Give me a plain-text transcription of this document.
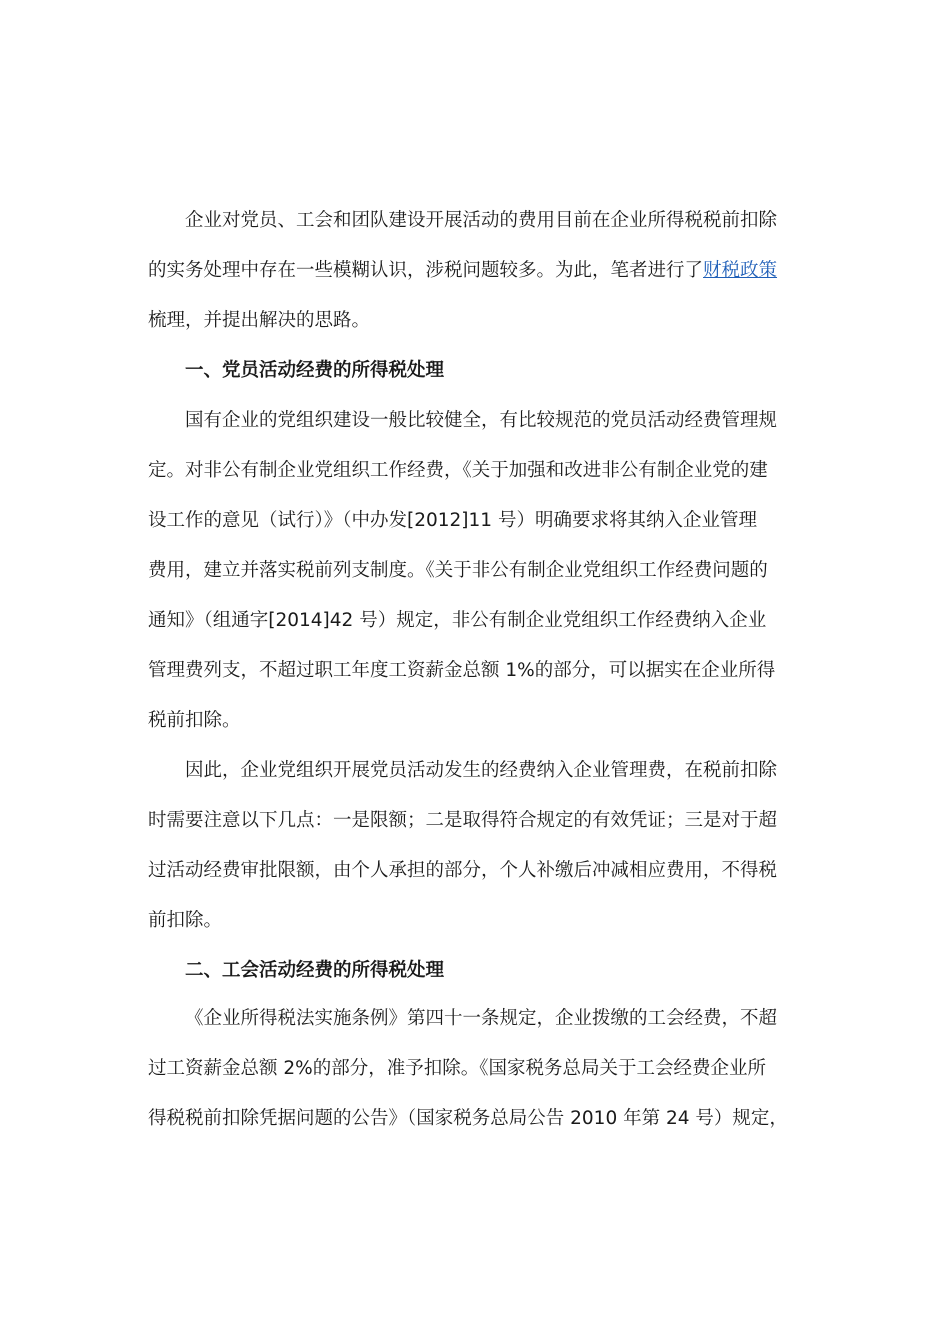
企业对党员、工会和团队建设开展活动的费用目前在企业所得税税前扣除
的实务处理中存在一些模糊认识，涉税问题较多。为此，笔者进行了财税政策
梳理，并提出解决的思路。
一、党员活动经费的所得税处理
国有企业的党组织建设一般比较健全，有比较规范的党员活动经费管理规
定。对非公有制企业党组织工作经费，《关于加强和改进非公有制企业党的建
设工作的意见（试行）》（中办发[2012]11 号）明确要求将其纳入企业管理
费用，建立并落实税前列支制度。《关于非公有制企业党组织工作经费问题的
通知》（组通字[2014]42 号）规定，非公有制企业党组织工作经费纳入企业
管理费列支，不超过职工年度工资薪金总额 1%的部分，可以据实在企业所得
税前扣除。
因此，企业党组织开展党员活动发生的经费纳入企业管理费，在税前扣除
时需要注意以下几点：一是限额；二是取得符合规定的有效凭证；三是对于超
过活动经费审批限额，由个人承担的部分，个人补缴后冲减相应费用，不得税
前扣除。
二、工会活动经费的所得税处理
《企业所得税法实施条例》第四十一条规定，企业拨缴的工会经费，不超
过工资薪金总额 2%的部分，准予扣除。《国家税务总局关于工会经费企业所
得税税前扣除凭据问题的公告》（国家税务总局公告 2010 年第 24 号）规定，
